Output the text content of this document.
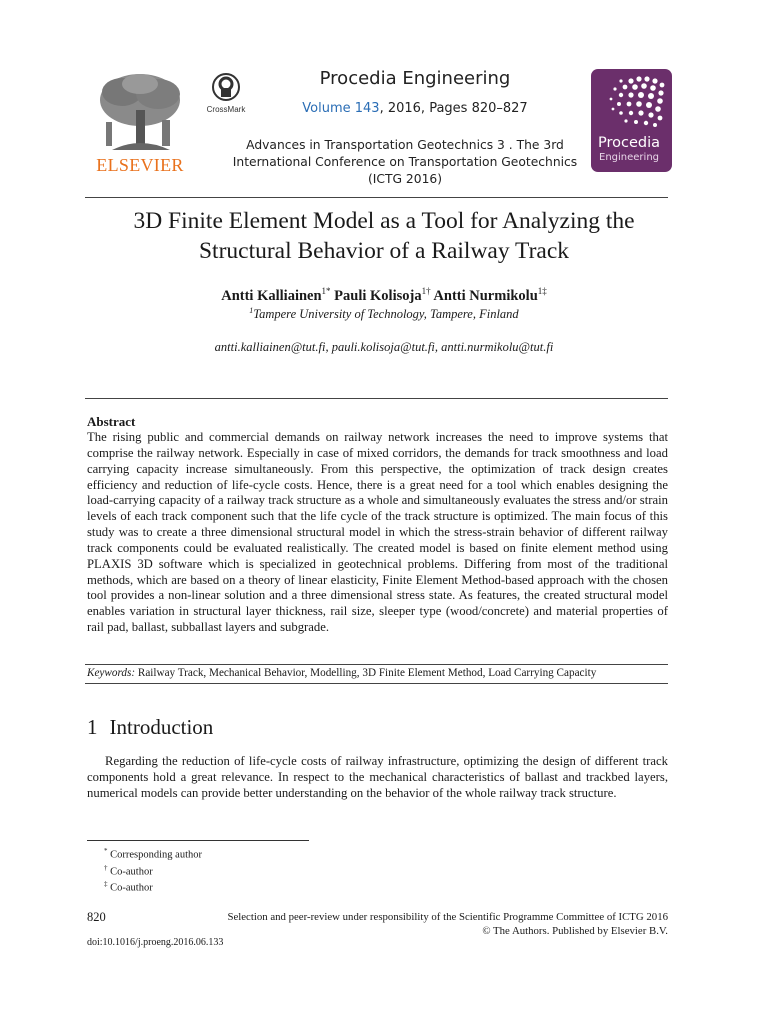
ELSEVIER
CrossMark
Procedia Engineering
Volume 143, 2016, Pages 820–827
Advances in Transportation Geotechnics 3 . The 3rd
International Conference on Transportation Geotechnics
(ICTG 2016)
Procedia
Engineering
3D Finite Element Model as a Tool for Analyzing the
Structural Behavior of a Railway Track
Antti Kalliainen$^{1*}$ Pauli Kolisoja$^{1\dagger}$ Antti Nurmikolu$^{1\ddagger}$
$^1$Tampere University of Technology, Tampere, Finland
antti.kalliainen@tut.fi, pauli.kolisoja@tut.fi, antti.nurmikolu@tut.fi
Abstract
The rising public and commercial demands on railway network increases the need to improve systems that comprise the railway network. Especially in case of mixed corridors, the demands for track smoothness and load carrying capacity increase simultaneously. From this perspective, the optimization of track design creates efficiency and reduction of life-cycle costs. Hence, there is a great need for a tool which enables designing the load-carrying capacity of a railway track structure as a whole and simultaneously evaluates the stress and/or strain levels of each track component such that the life cycle of the track structure is optimized. The main focus of this study was to create a three dimensional structural model in which the stress-strain behavior of different railway track components could be evaluated realistically. The created model is based on finite element method using PLAXIS 3D software which is specialized in geotechnical problems. Differing from most of the traditional methods, which are based on a theory of linear elasticity, Finite Element Method-based approach with the chosen tool provides a non-linear solution and a three dimensional stress state. As features, the created structural model enables variation in structural layer thickness, rail size, sleeper type (wood/concrete) and material properties of rail pad, ballast, subballast layers and subgrade.
Keywords: Railway Track, Mechanical Behavior, Modelling, 3D Finite Element Method, Load Carrying Capacity
1 Introduction
Regarding the reduction of life-cycle costs of railway infrastructure, optimizing the design of different track components hold a great relevance. In respect to the mechanical characteristics of ballast and trackbed layers, numerical models can provide better understanding on the behavior of the whole railway track structure.
* Corresponding author
† Co-author
‡ Co-author
820	Selection and peer-review under responsibility of the Scientific Programme Committee of ICTG 2016
© The Authors. Published by Elsevier B.V.
doi:10.1016/j.proeng.2016.06.133
